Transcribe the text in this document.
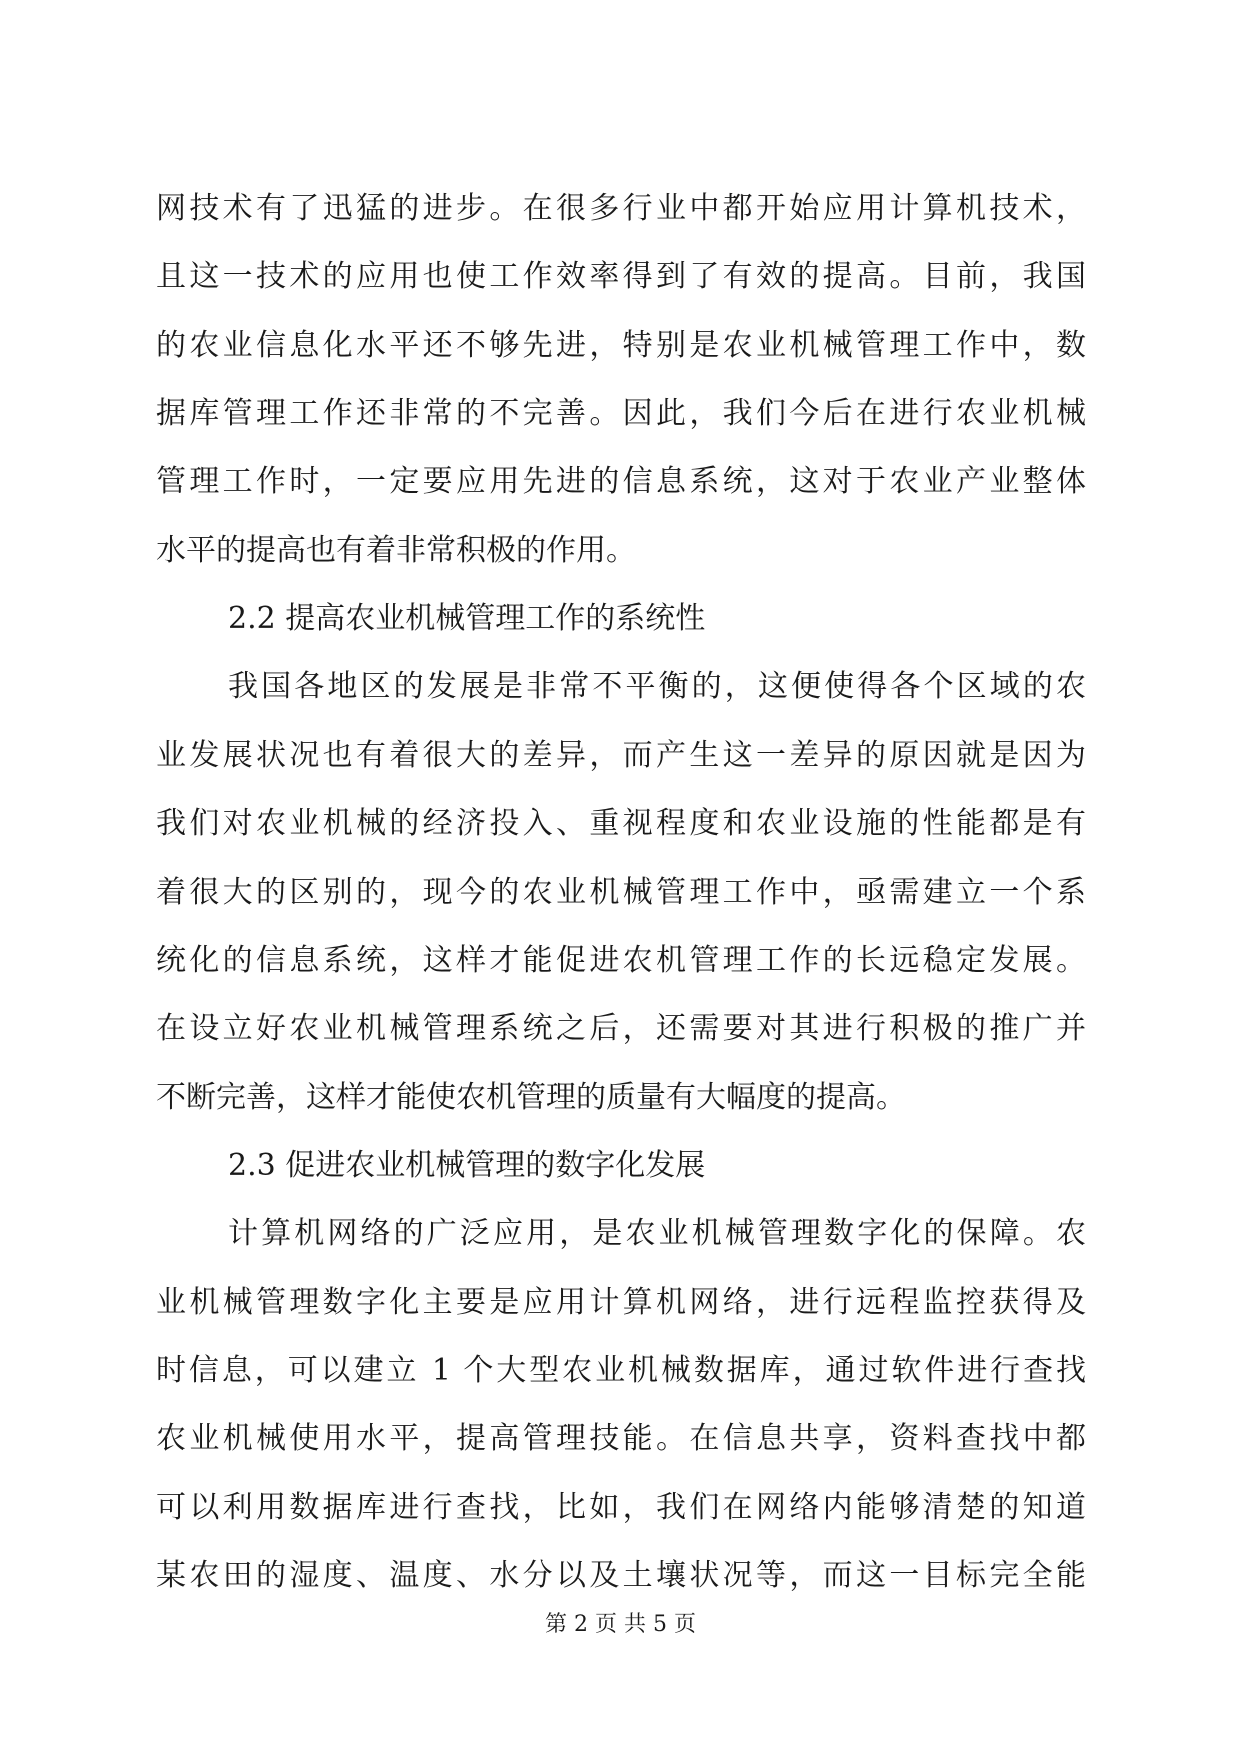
网技术有了迅猛的进步。在很多行业中都开始应用计算机技术，
且这一技术的应用也使工作效率得到了有效的提高。目前，我国
的农业信息化水平还不够先进，特别是农业机械管理工作中，数
据库管理工作还非常的不完善。因此，我们今后在进行农业机械
管理工作时，一定要应用先进的信息系统，这对于农业产业整体
水平的提高也有着非常积极的作用。
2.2 提高农业机械管理工作的系统性
我国各地区的发展是非常不平衡的，这便使得各个区域的农
业发展状况也有着很大的差异，而产生这一差异的原因就是因为
我们对农业机械的经济投入、重视程度和农业设施的性能都是有
着很大的区别的，现今的农业机械管理工作中，亟需建立一个系
统化的信息系统，这样才能促进农机管理工作的长远稳定发展。
在设立好农业机械管理系统之后，还需要对其进行积极的推广并
不断完善，这样才能使农机管理的质量有大幅度的提高。
2.3 促进农业机械管理的数字化发展
计算机网络的广泛应用，是农业机械管理数字化的保障。农
业机械管理数字化主要是应用计算机网络，进行远程监控获得及
时信息，可以建立 1 个大型农业机械数据库，通过软件进行查找
农业机械使用水平，提高管理技能。在信息共享，资料查找中都
可以利用数据库进行查找，比如，我们在网络内能够清楚的知道
某农田的湿度、温度、水分以及土壤状况等，而这一目标完全能
第 2 页 共 5 页
